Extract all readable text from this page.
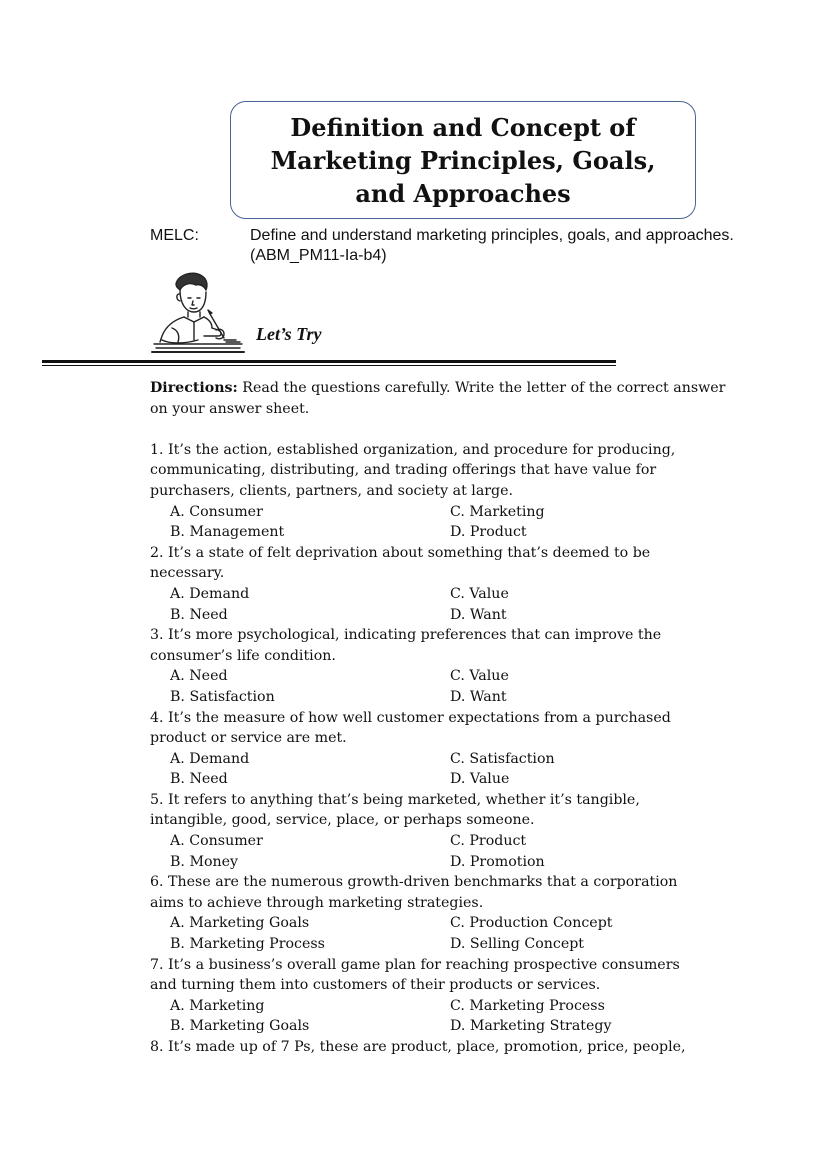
Definition and Concept of
Marketing Principles, Goals,
and Approaches
MELC:	Define and understand marketing principles, goals, and approaches.
(ABM_PM11-Ia-b4)
Let’s Try
Directions: Read the questions carefully. Write the letter of the correct answer
on your answer sheet.
1. It’s the action, established organization, and procedure for producing,
communicating, distributing, and trading offerings that have value for
purchasers, clients, partners, and society at large.
A. Consumer	C. Marketing
B. Management	D. Product
2. It’s a state of felt deprivation about something that’s deemed to be
necessary.
A. Demand	C. Value
B. Need	D. Want
3. It’s more psychological, indicating preferences that can improve the
consumer’s life condition.
A. Need	C. Value
B. Satisfaction	D. Want
4. It’s the measure of how well customer expectations from a purchased
product or service are met.
A. Demand	C. Satisfaction
B. Need	D. Value
5. It refers to anything that’s being marketed, whether it’s tangible,
intangible, good, service, place, or perhaps someone.
A. Consumer	C. Product
B. Money	D. Promotion
6. These are the numerous growth-driven benchmarks that a corporation
aims to achieve through marketing strategies.
A. Marketing Goals	C. Production Concept
B. Marketing Process	D. Selling Concept
7. It’s a business’s overall game plan for reaching prospective consumers
and turning them into customers of their products or services.
A. Marketing	C. Marketing Process
B. Marketing Goals	D. Marketing Strategy
8. It’s made up of 7 Ps, these are product, place, promotion, price, people,
